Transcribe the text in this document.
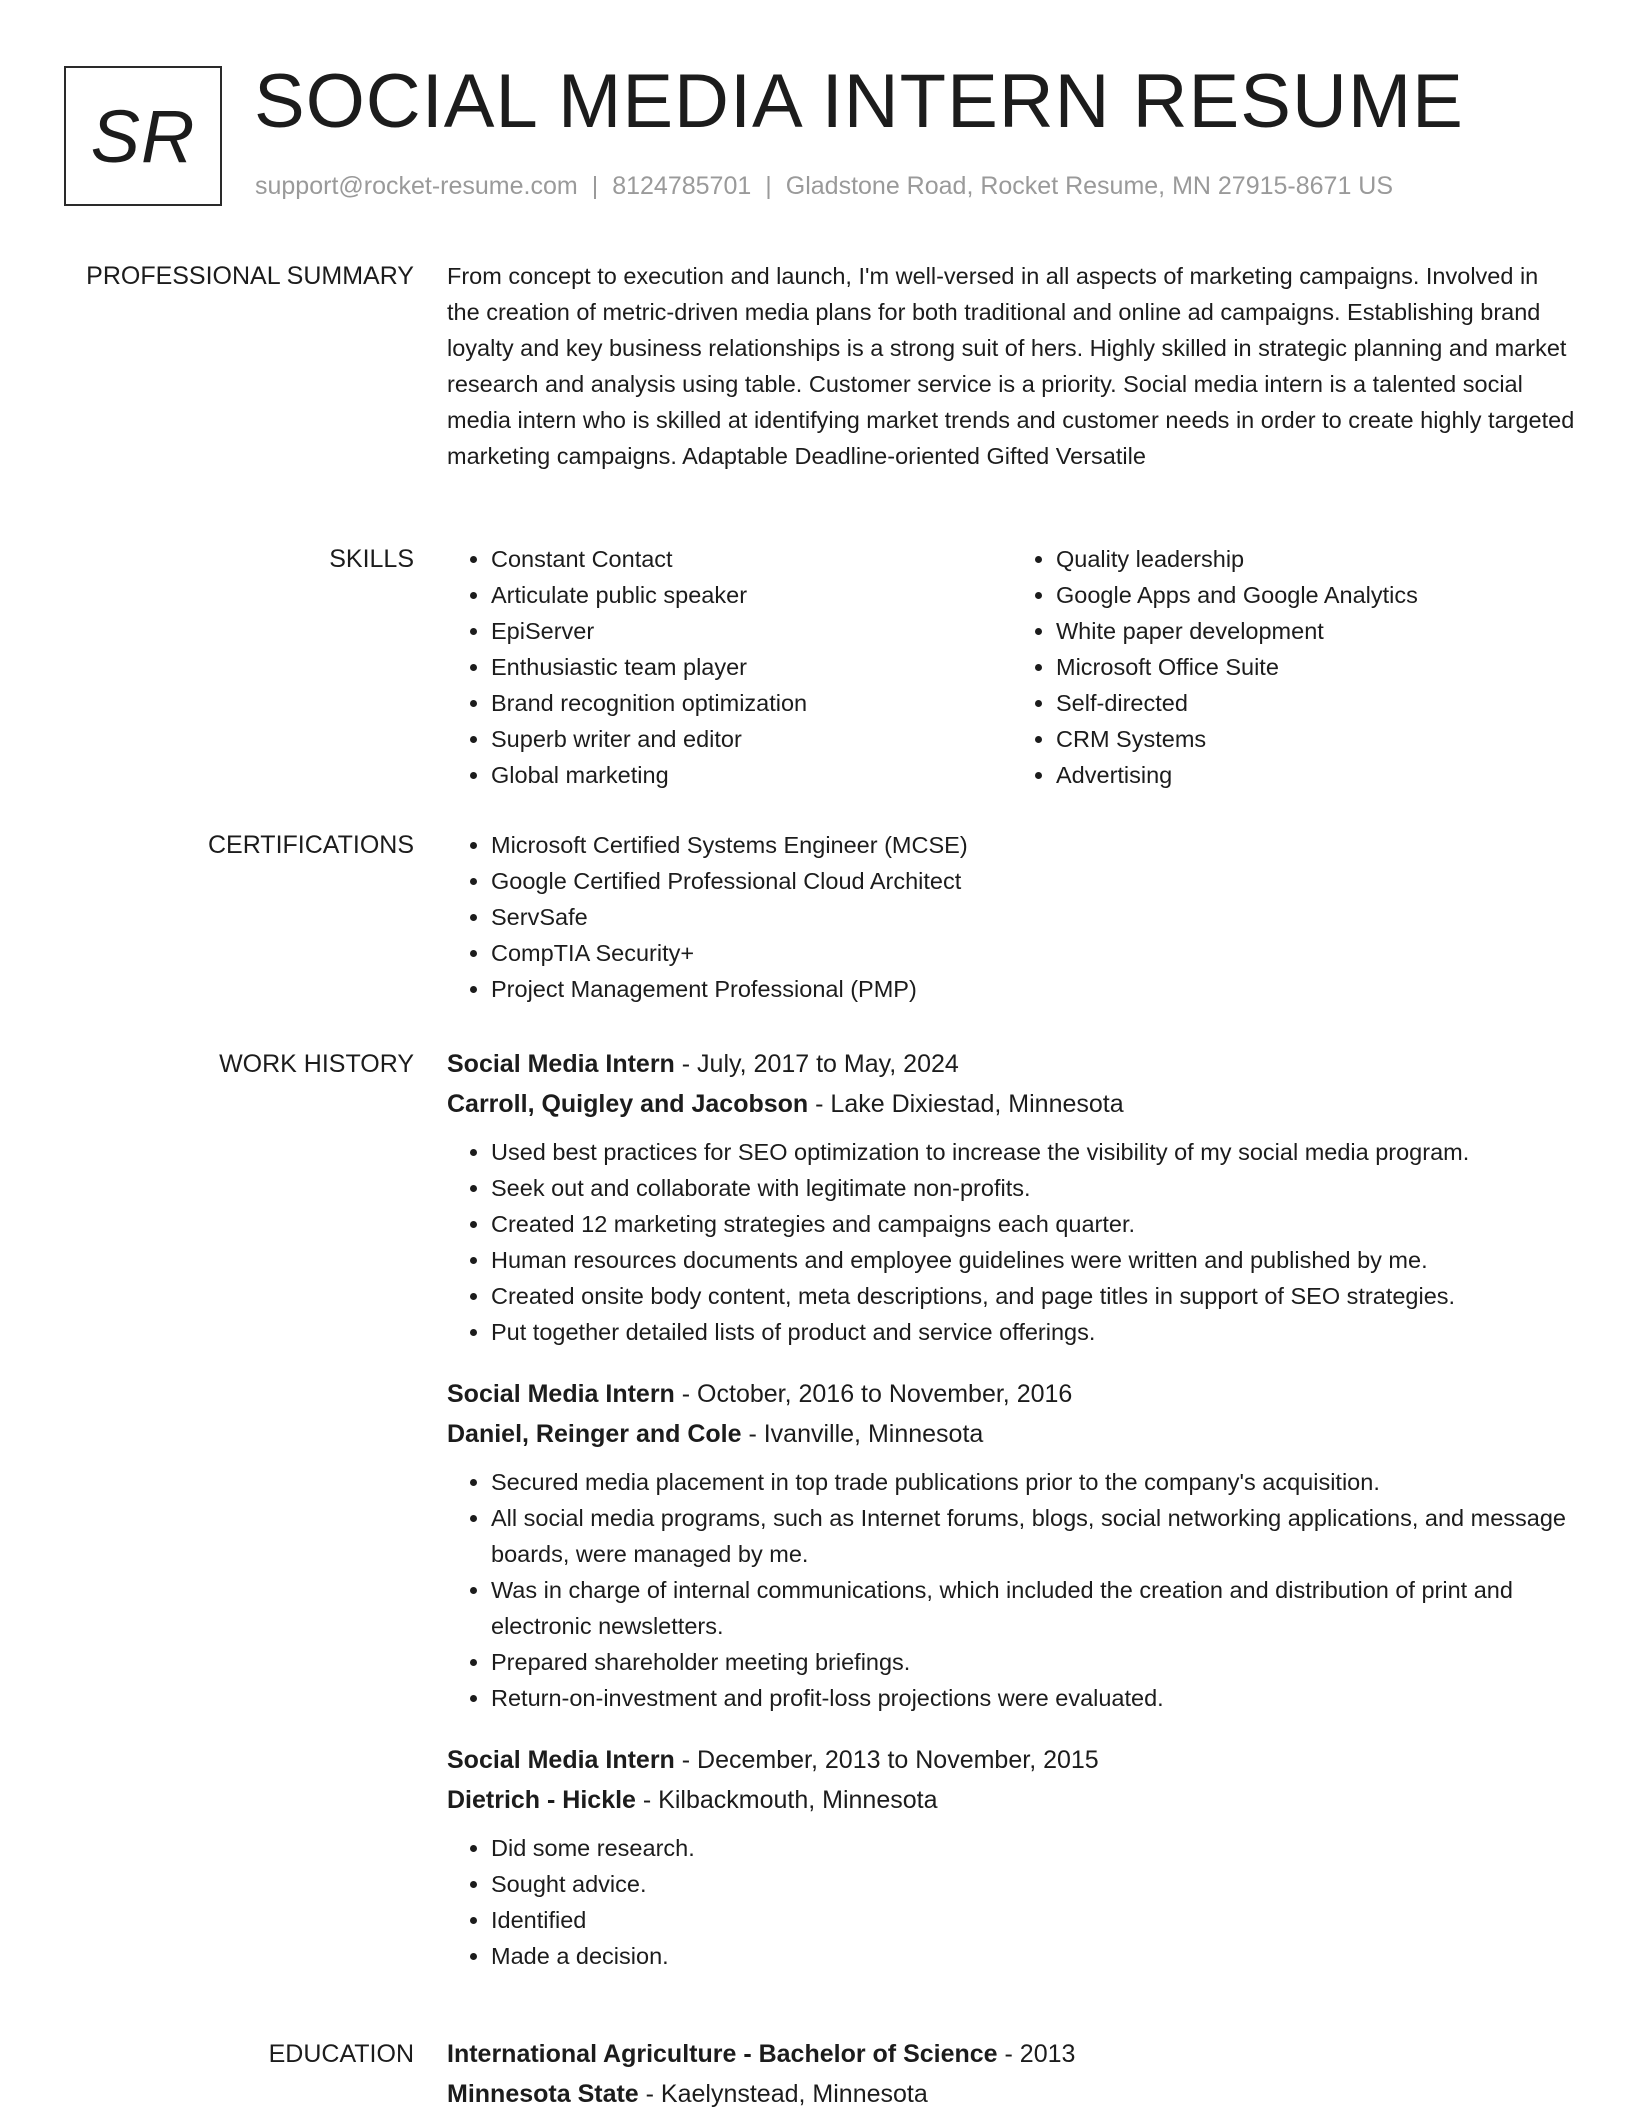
SR SOCIAL MEDIA INTERN RESUME
support@rocket-resume.com | 8124785701 | Gladstone Road, Rocket Resume, MN 27915-8671 US
PROFESSIONAL SUMMARY From concept to execution and launch, I'm well-versed in all aspects of marketing campaigns. Involved in the creation of metric-driven media plans for both traditional and online ad campaigns. Establishing brand loyalty and key business relationships is a strong suit of hers. Highly skilled in strategic planning and market research and analysis using table. Customer service is a priority. Social media intern is a talented social media intern who is skilled at identifying market trends and customer needs in order to create highly targeted marketing campaigns. Adaptable Deadline-oriented Gifted Versatile
SKILLS	• Constant Contact
• Articulate public speaker
• EpiServer
• Enthusiastic team player
• Brand recognition optimization
• Superb writer and editor
• Global marketing
• Quality leadership
• Google Apps and Google Analytics
• White paper development
• Microsoft Office Suite
• Self-directed
• CRM Systems
• Advertising
CERTIFICATIONS	• Microsoft Certified Systems Engineer (MCSE)
• Google Certified Professional Cloud Architect
• ServSafe
• CompTIA Security+
• Project Management Professional (PMP)
WORK HISTORY Social Media Intern - July, 2017 to May, 2024
Carroll, Quigley and Jacobson - Lake Dixiestad, Minnesota
• Used best practices for SEO optimization to increase the visibility of my social media program.
• Seek out and collaborate with legitimate non-profits.
• Created 12 marketing strategies and campaigns each quarter.
• Human resources documents and employee guidelines were written and published by me.
• Created onsite body content, meta descriptions, and page titles in support of SEO strategies.
• Put together detailed lists of product and service offerings.
Social Media Intern - October, 2016 to November, 2016
Daniel, Reinger and Cole - Ivanville, Minnesota
• Secured media placement in top trade publications prior to the company's acquisition.
• All social media programs, such as Internet forums, blogs, social networking applications, and message boards, were managed by me.
• Was in charge of internal communications, which included the creation and distribution of print and electronic newsletters.
• Prepared shareholder meeting briefings.
• Return-on-investment and profit-loss projections were evaluated.
Social Media Intern - December, 2013 to November, 2015
Dietrich - Hickle - Kilbackmouth, Minnesota
• Did some research.
• Sought advice.
• Identified
• Made a decision.
EDUCATION International Agriculture - Bachelor of Science - 2013
Minnesota State - Kaelynstead, Minnesota
